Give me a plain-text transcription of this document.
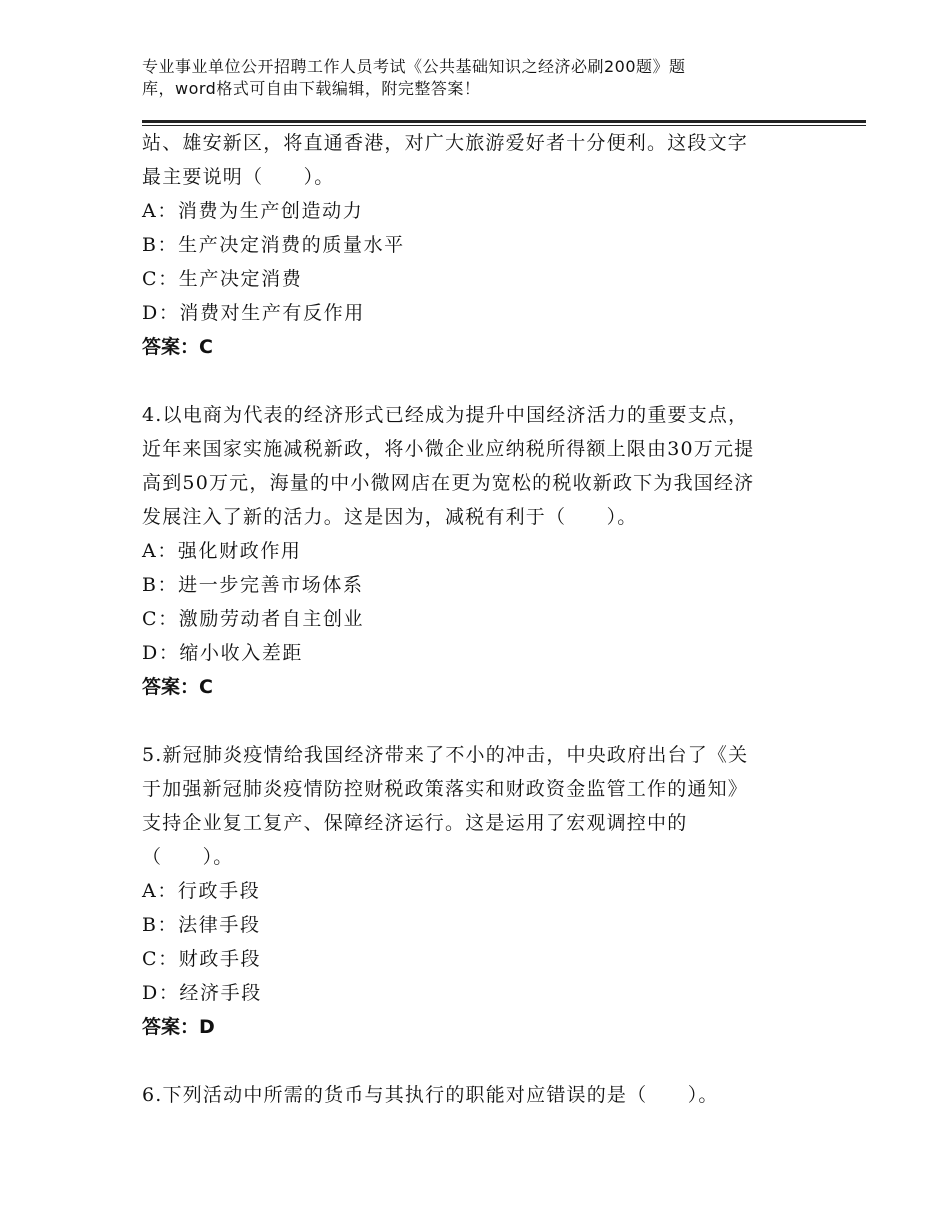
专业事业单位公开招聘工作人员考试《公共基础知识之经济必刷200题》题
库，word格式可自由下载编辑，附完整答案！
站、雄安新区，将直通香港，对广大旅游爱好者十分便利。这段文字
最主要说明（　　）。
A：消费为生产创造动力
B：生产决定消费的质量水平
C：生产决定消费
D：消费对生产有反作用
答案：C
4.以电商为代表的经济形式已经成为提升中国经济活力的重要支点，
近年来国家实施减税新政，将小微企业应纳税所得额上限由30万元提
高到50万元，海量的中小微网店在更为宽松的税收新政下为我国经济
发展注入了新的活力。这是因为，减税有利于（　　）。
A：强化财政作用
B：进一步完善市场体系
C：激励劳动者自主创业
D：缩小收入差距
答案：C
5.新冠肺炎疫情给我国经济带来了不小的冲击，中央政府出台了《关
于加强新冠肺炎疫情防控财税政策落实和财政资金监管工作的通知》
支持企业复工复产、保障经济运行。这是运用了宏观调控中的
（　　）。
A：行政手段
B：法律手段
C：财政手段
D：经济手段
答案：D
6.下列活动中所需的货币与其执行的职能对应错误的是（　　）。
